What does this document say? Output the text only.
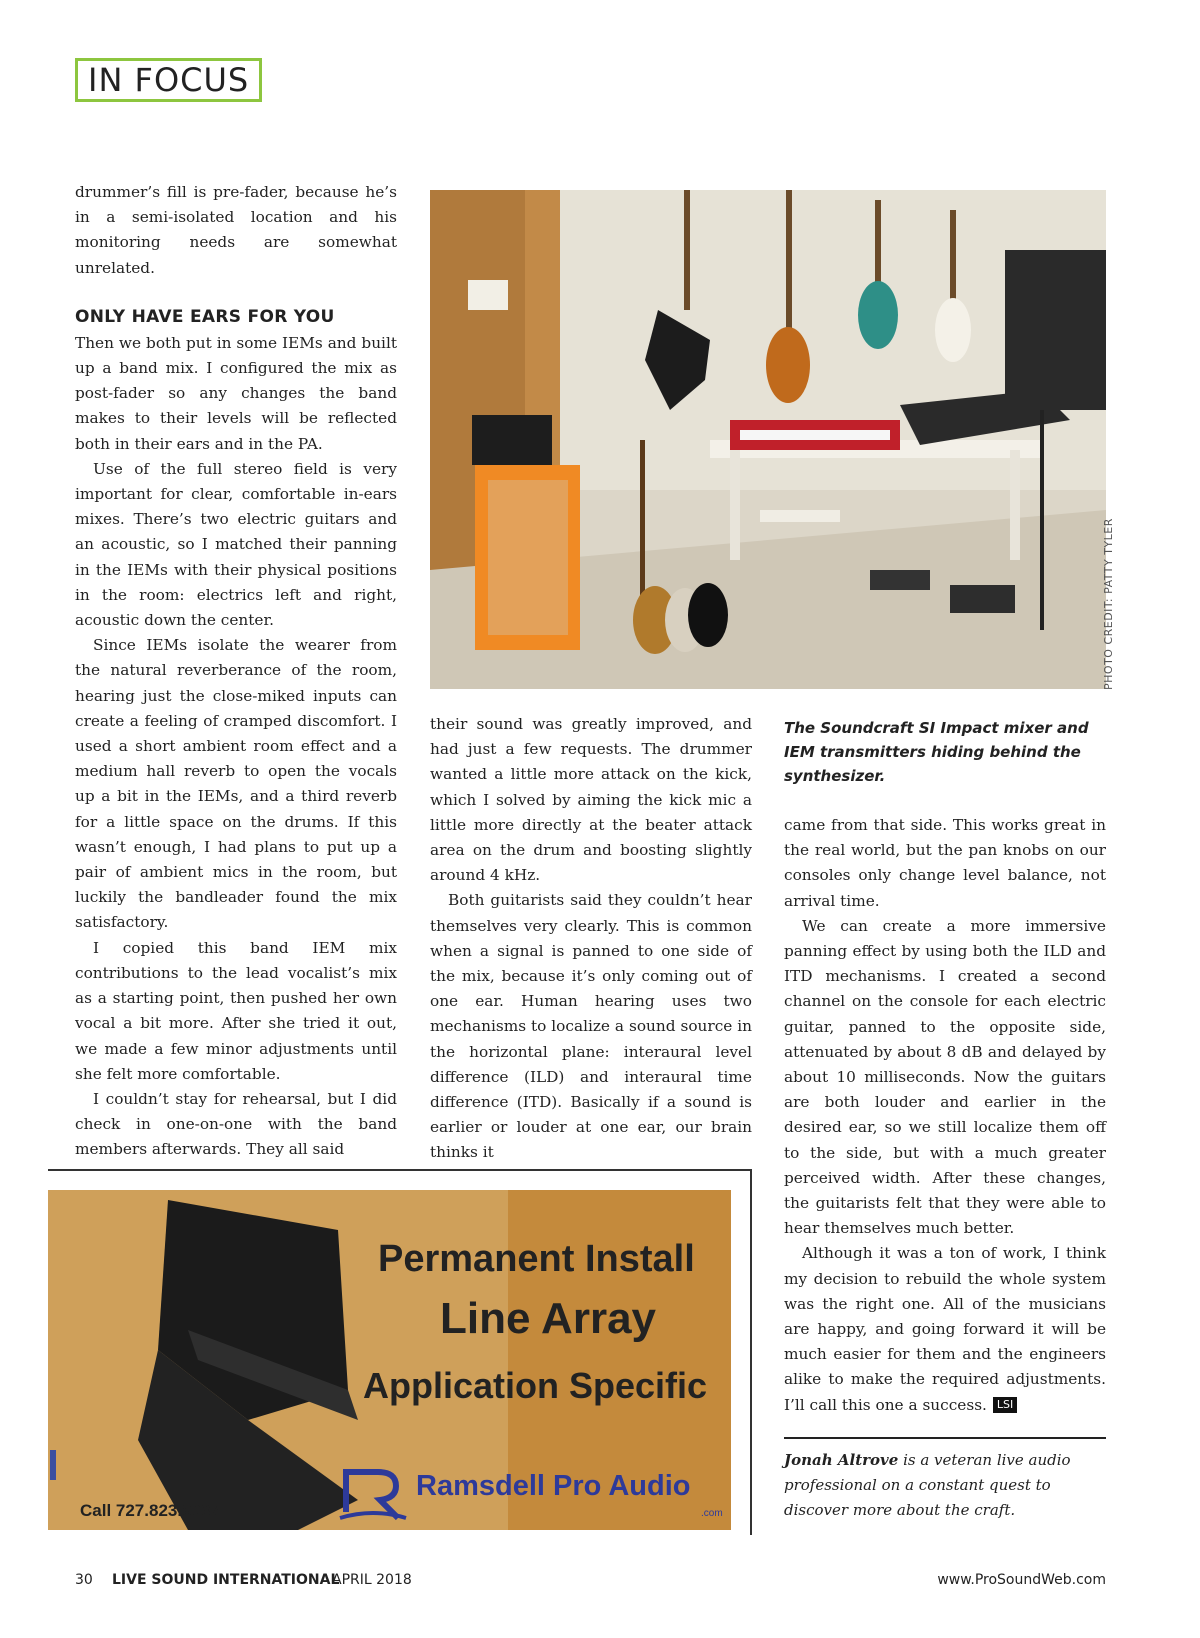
IN FOCUS

drummer’s fill is pre-fader, because he’s in a semi-isolated location and his monitoring needs are somewhat unrelated.

ONLY HAVE EARS FOR YOU

Then we both put in some IEMs and built up a band mix. I configured the mix as post-fader so any changes the band makes to their levels will be reflected both in their ears and in the PA.

Use of the full stereo field is very important for clear, comfortable in-ears mixes. There’s two electric guitars and an acoustic, so I matched their panning in the IEMs with their physical positions in the room: electrics left and right, acoustic down the center.

Since IEMs isolate the wearer from the natural reverberance of the room, hearing just the close-miked inputs can create a feeling of cramped discomfort. I used a short ambient room effect and a medium hall reverb to open the vocals up a bit in the IEMs, and a third reverb for a little space on the drums. If this wasn’t enough, I had plans to put up a pair of ambient mics in the room, but luckily the bandleader found the mix satisfactory.

I copied this band IEM mix contributions to the lead vocalist’s mix as a starting point, then pushed her own vocal a bit more. After she tried it out, we made a few minor adjustments until she felt more comfortable.

I couldn’t stay for rehearsal, but I did check in one-on-one with the band members afterwards. They all said

PHOTO CREDIT: PATTY TYLER
The Soundcraft SI Impact mixer and IEM transmitters hiding behind the synthesizer.

their sound was greatly improved, and had just a few requests. The drummer wanted a little more attack on the kick, which I solved by aiming the kick mic a little more directly at the beater attack area on the drum and boosting slightly around 4 kHz.

Both guitarists said they couldn’t hear themselves very clearly. This is common when a signal is panned to one side of the mix, because it’s only coming out of one ear. Human hearing uses two mechanisms to localize a sound source in the horizontal plane: interaural level difference (ILD) and interaural time difference (ITD). Basically if a sound is earlier or louder at one ear, our brain thinks it

came from that side. This works great in the real world, but the pan knobs on our consoles only change level balance, not arrival time.

We can create a more immersive panning effect by using both the ILD and ITD mechanisms. I created a second channel on the console for each electric guitar, panned to the opposite side, attenuated by about 8 dB and delayed by about 10 milliseconds. Now the guitars are both louder and earlier in the desired ear, so we still localize them off to the side, but with a much greater perceived width. After these changes, the guitarists felt that they were able to hear themselves much better.

Although it was a ton of work, I think my decision to rebuild the whole system was the right one. All of the musicians are happy, and going forward it will be much easier for them and the engineers alike to make the required adjustments. I’ll call this one a success. LSI

Jonah Altrove is a veteran live audio professional on a constant quest to discover more about the craft.
Permanent Install
Line Array
Application Specific
Ramsdell Pro Audio
.com
Call 727.823.8037
30 LIVE SOUND INTERNATIONAL
APRIL 2018	www.ProSoundWeb.com
